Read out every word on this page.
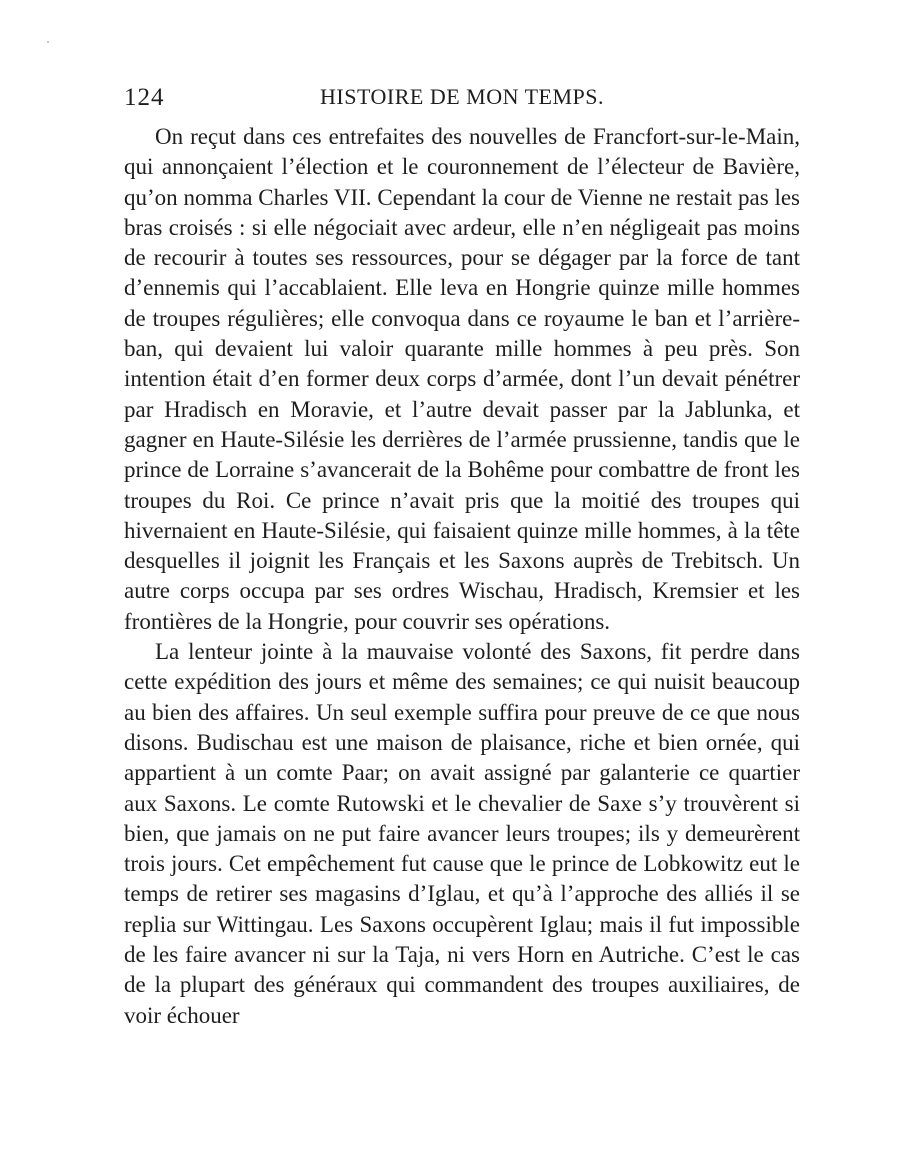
124	HISTOIRE DE MON TEMPS.

On reçut dans ces entrefaites des nouvelles de Francfort-sur-le-Main, qui annonçaient l’élection et le couronnement de l’électeur de Bavière, qu’on nomma Charles VII. Cependant la cour de Vienne ne restait pas les bras croisés : si elle négociait avec ardeur, elle n’en négligeait pas moins de recourir à toutes ses ressources, pour se dégager par la force de tant d’ennemis qui l’accablaient. Elle leva en Hongrie quinze mille hommes de troupes régulières; elle convoqua dans ce royaume le ban et l’arrière-ban, qui devaient lui valoir quarante mille hommes à peu près. Son intention était d’en former deux corps d’armée, dont l’un devait pénétrer par Hradisch en Moravie, et l’autre devait passer par la Jablunka, et gagner en Haute-Silésie les derrières de l’armée prussienne, tandis que le prince de Lorraine s’avancerait de la Bohême pour combattre de front les troupes du Roi. Ce prince n’avait pris que la moitié des troupes qui hivernaient en Haute-Silésie, qui faisaient quinze mille hommes, à la tête desquelles il joignit les Français et les Saxons auprès de Trebitsch. Un autre corps occupa par ses ordres Wischau, Hradisch, Kremsier et les frontières de la Hongrie, pour couvrir ses opérations.

La lenteur jointe à la mauvaise volonté des Saxons, fit perdre dans cette expédition des jours et même des semaines; ce qui nuisit beaucoup au bien des affaires. Un seul exemple suffira pour preuve de ce que nous disons. Budischau est une maison de plaisance, riche et bien ornée, qui appartient à un comte Paar; on avait assigné par galanterie ce quartier aux Saxons. Le comte Rutowski et le chevalier de Saxe s’y trouvèrent si bien, que jamais on ne put faire avancer leurs troupes; ils y demeurèrent trois jours. Cet empêchement fut cause que le prince de Lobkowitz eut le temps de retirer ses magasins d’Iglau, et qu’à l’approche des alliés il se replia sur Wittingau. Les Saxons occupèrent Iglau; mais il fut impossible de les faire avancer ni sur la Taja, ni vers Horn en Autriche. C’est le cas de la plupart des généraux qui commandent des troupes auxiliaires, de voir échouer
